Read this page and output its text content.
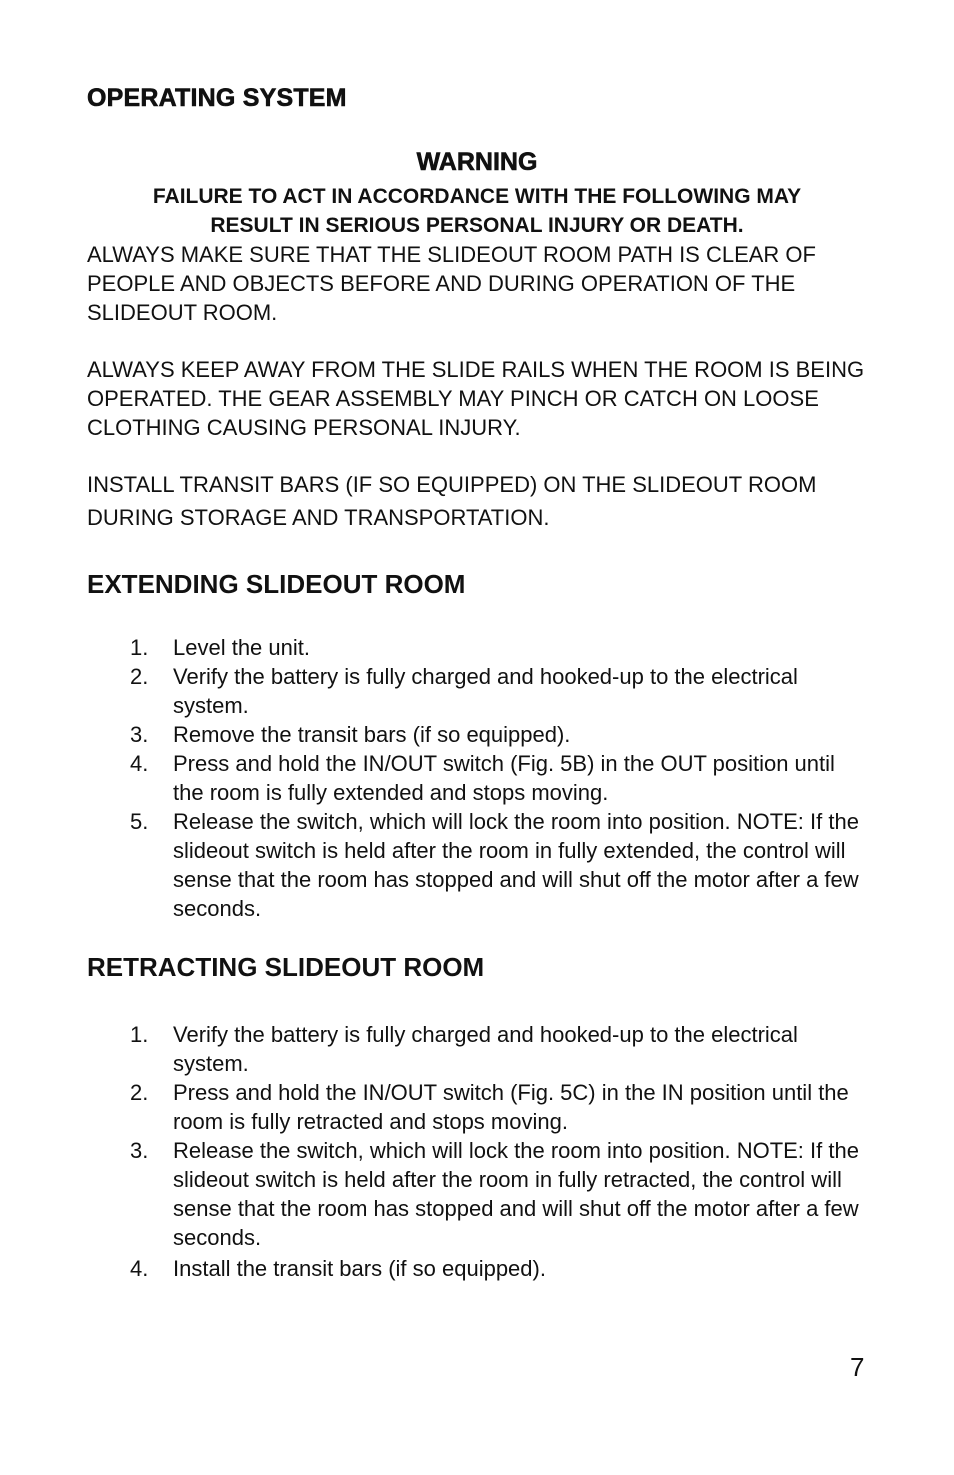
OPERATING SYSTEM
WARNING
FAILURE TO ACT IN ACCORDANCE WITH THE FOLLOWING MAY
RESULT IN SERIOUS PERSONAL INJURY OR DEATH.
ALWAYS MAKE SURE THAT THE SLIDEOUT ROOM PATH IS CLEAR OF PEOPLE AND OBJECTS BEFORE AND DURING OPERATION OF THE SLIDEOUT ROOM.
ALWAYS KEEP AWAY FROM THE SLIDE RAILS WHEN THE ROOM IS BEING OPERATED. THE GEAR ASSEMBLY MAY PINCH OR CATCH ON LOOSE CLOTHING CAUSING PERSONAL INJURY.
INSTALL TRANSIT BARS (IF SO EQUIPPED) ON THE SLIDEOUT ROOM DURING STORAGE AND TRANSPORTATION.
EXTENDING SLIDEOUT ROOM
1. Level the unit.
2. Verify the battery is fully charged and hooked-up to the electrical system.
3. Remove the transit bars (if so equipped).
4. Press and hold the IN/OUT switch (Fig. 5B) in the OUT position until the room is fully extended and stops moving.
5. Release the switch, which will lock the room into position. NOTE: If the slideout switch is held after the room in fully extended, the control will sense that the room has stopped and will shut off the motor after a few seconds.
RETRACTING SLIDEOUT ROOM
1. Verify the battery is fully charged and hooked-up to the electrical system.
2. Press and hold the IN/OUT switch (Fig. 5C) in the IN position until the room is fully retracted and stops moving.
3. Release the switch, which will lock the room into position. NOTE: If the slideout switch is held after the room in fully retracted, the control will sense that the room has stopped and will shut off the motor after a few seconds.
4. Install the transit bars (if so equipped).
7
